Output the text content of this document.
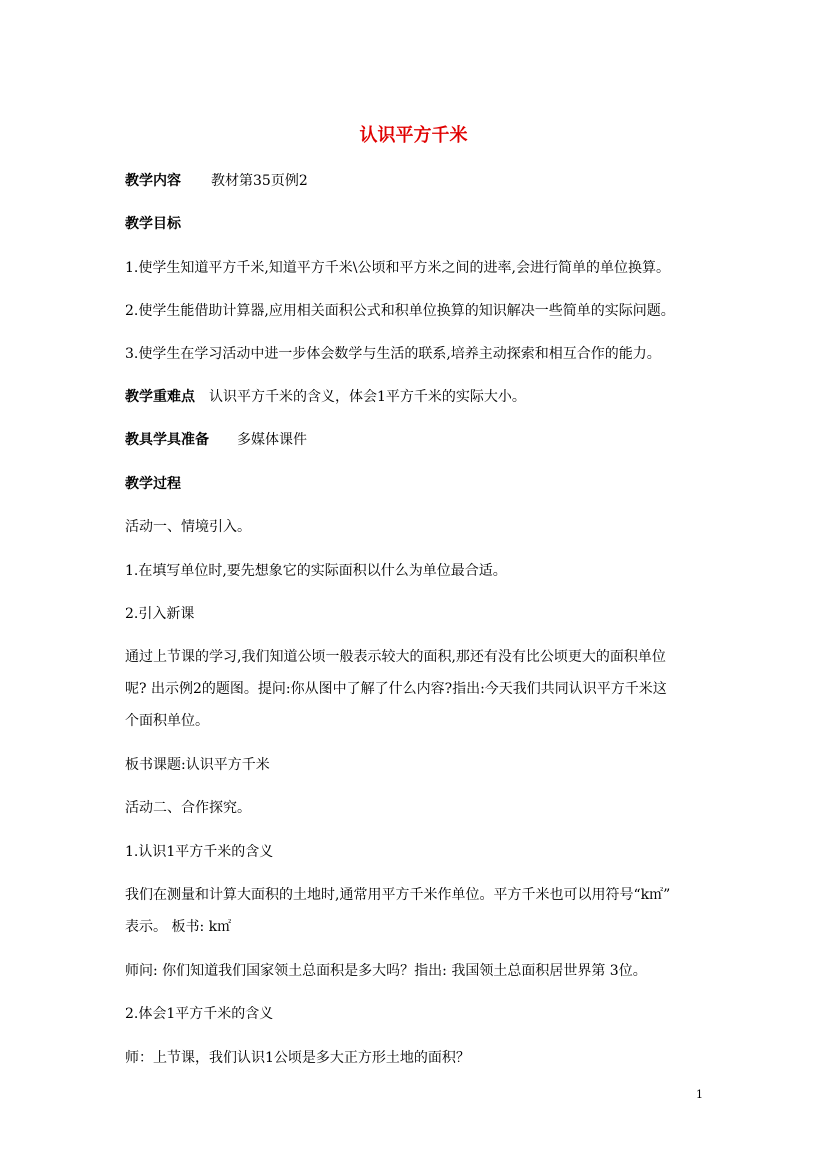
认识平方千米
教学内容 教材第35页例2
教学目标
1.使学生知道平方千米,知道平方千米\公顷和平方米之间的进率,会进行简单的单位换算。
2.使学生能借助计算器,应用相关面积公式和积单位换算的知识解决一些简单的实际问题。
3.使学生在学习活动中进一步体会数学与生活的联系,培养主动探索和相互合作的能力。
教学重难点 认识平方千米的含义，体会1平方千米的实际大小。
教具学具准备 多媒体课件
教学过程
活动一、情境引入。
1.在填写单位时,要先想象它的实际面积以什么为单位最合适。
2.引入新课
通过上节课的学习,我们知道公顷一般表示较大的面积,那还有没有比公顷更大的面积单位
呢? 出示例2的题图。提问:你从图中了解了什么内容?指出:今天我们共同认识平方千米这
个面积单位。
板书课题:认识平方千米
活动二、合作探究。
1.认识1平方千米的含义
我们在测量和计算大面积的土地时,通常用平方千米作单位。平方千米也可以用符号“k㎡”
表示。 板书: k㎡
师问: 你们知道我们国家领土总面积是多大吗？指出: 我国领土总面积居世界第 3位。
2.体会1平方千米的含义
师：上节课，我们认识1公顷是多大正方形土地的面积？
1
